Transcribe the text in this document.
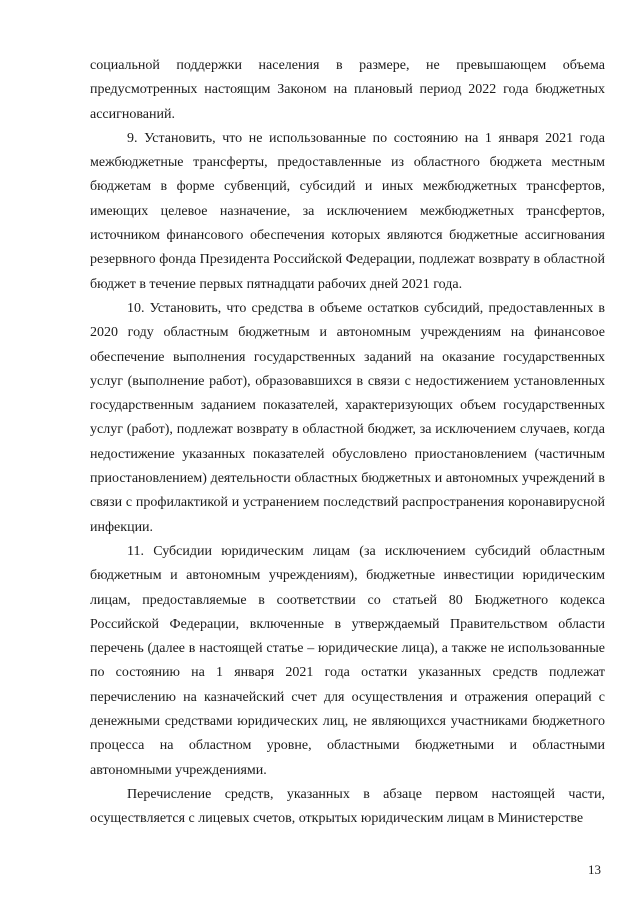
социальной поддержки населения в размере, не превышающем объема предусмотренных настоящим Законом на плановый период 2022 года бюджетных ассигнований.

9. Установить, что не использованные по состоянию на 1 января 2021 года межбюджетные трансферты, предоставленные из областного бюджета местным бюджетам в форме субвенций, субсидий и иных межбюджетных трансфертов, имеющих целевое назначение, за исключением межбюджетных трансфертов, источником финансового обеспечения которых являются бюджетные ассигнования резервного фонда Президента Российской Федерации, подлежат возврату в областной бюджет в течение первых пятнадцати рабочих дней 2021 года.

10. Установить, что средства в объеме остатков субсидий, предоставленных в 2020 году областным бюджетным и автономным учреждениям на финансовое обеспечение выполнения государственных заданий на оказание государственных услуг (выполнение работ), образовавшихся в связи с недостижением установленных государственным заданием показателей, характеризующих объем государственных услуг (работ), подлежат возврату в областной бюджет, за исключением случаев, когда недостижение указанных показателей обусловлено приостановлением (частичным приостановлением) деятельности областных бюджетных и автономных учреждений в связи с профилактикой и устранением последствий распространения коронавирусной инфекции.

11. Субсидии юридическим лицам (за исключением субсидий областным бюджетным и автономным учреждениям), бюджетные инвестиции юридическим лицам, предоставляемые в соответствии со статьей 80 Бюджетного кодекса Российской Федерации, включенные в утверждаемый Правительством области перечень (далее в настоящей статье – юридические лица), а также не использованные по состоянию на 1 января 2021 года остатки указанных средств подлежат перечислению на казначейский счет для осуществления и отражения операций с денежными средствами юридических лиц, не являющихся участниками бюджетного процесса на областном уровне, областными бюджетными и областными автономными учреждениями.

Перечисление средств, указанных в абзаце первом настоящей части, осуществляется с лицевых счетов, открытых юридическим лицам в Министерстве

13
